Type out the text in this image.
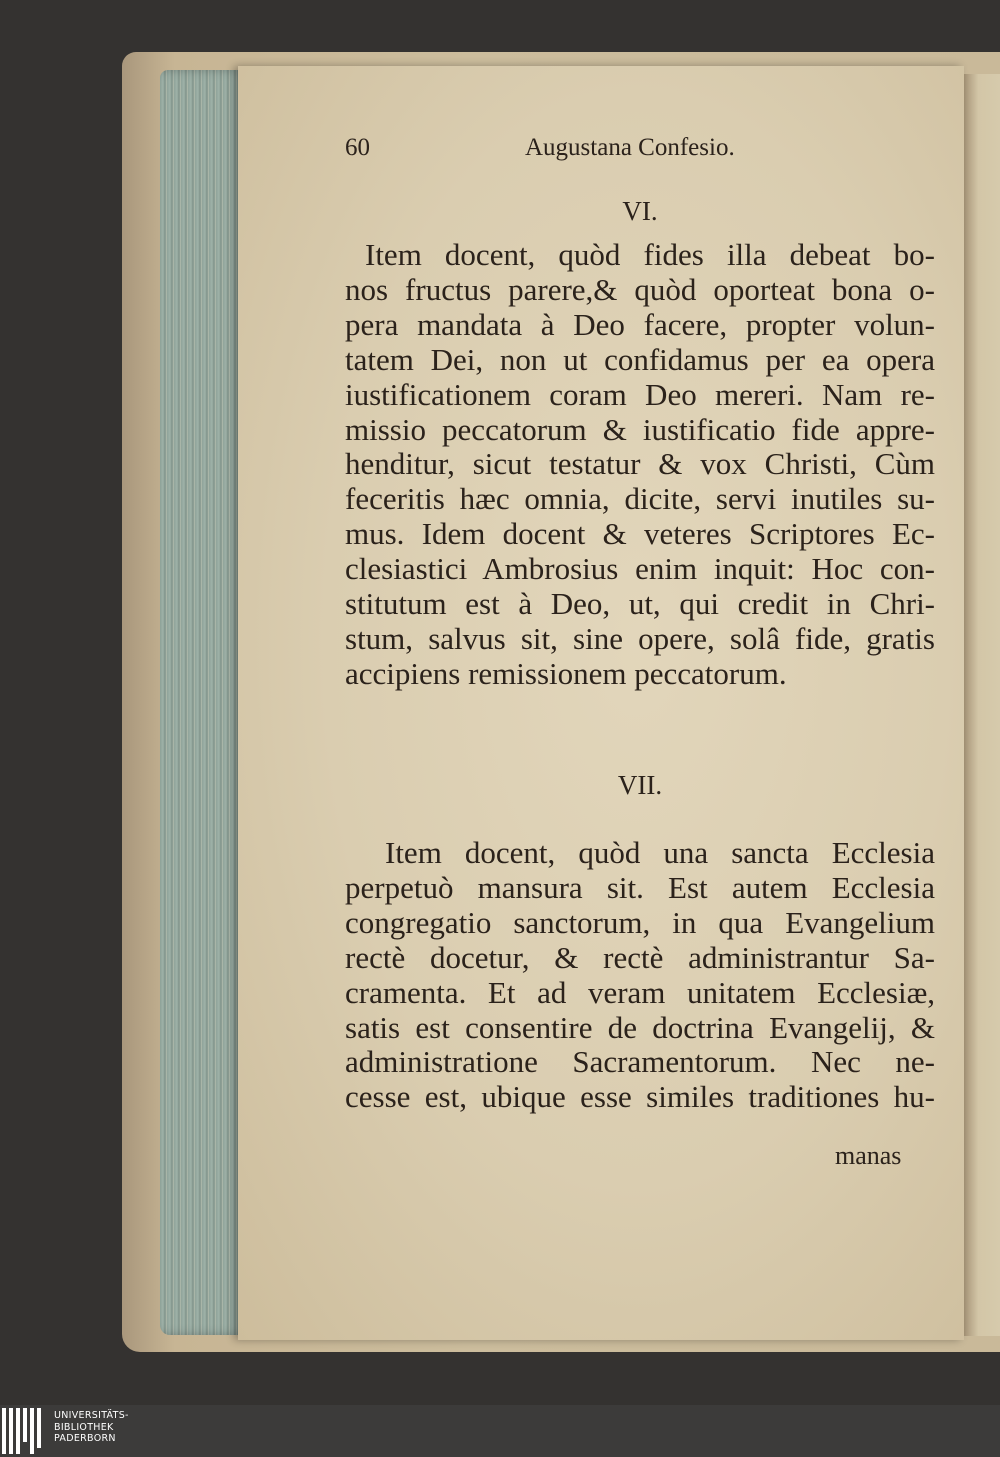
60	Augustana Confesio.
VI.
Item docent, quòd fides illa debeat bo-
nos fructus parere,& quòd oporteat bona o-
pera mandata à Deo facere, propter volun-
tatem Dei, non ut confidamus per ea opera
iustificationem coram Deo mereri. Nam re-
missio peccatorum & iustificatio fide appre-
henditur, sicut testatur & vox Christi, Cùm
feceritis hæc omnia, dicite, servi inutiles su-
mus. Idem docent & veteres Scriptores Ec-
clesiastici Ambrosius enim inquit: Hoc con-
stitutum est à Deo, ut, qui credit in Chri-
stum, salvus sit, sine opere, solâ fide, gratis
accipiens remissionem peccatorum.
VII.
Item docent, quòd una sancta Ecclesia
perpetuò mansura sit. Est autem Ecclesia
congregatio sanctorum, in qua Evangelium
rectè docetur, & rectè administrantur Sa-
cramenta. Et ad veram unitatem Ecclesiæ,
satis est consentire de doctrina Evangelij, &
administratione Sacramentorum. Nec ne-
cesse est, ubique esse similes traditiones hu-
manas
UNIVERSITÄTS-
BIBLIOTHEK
PADERBORN
